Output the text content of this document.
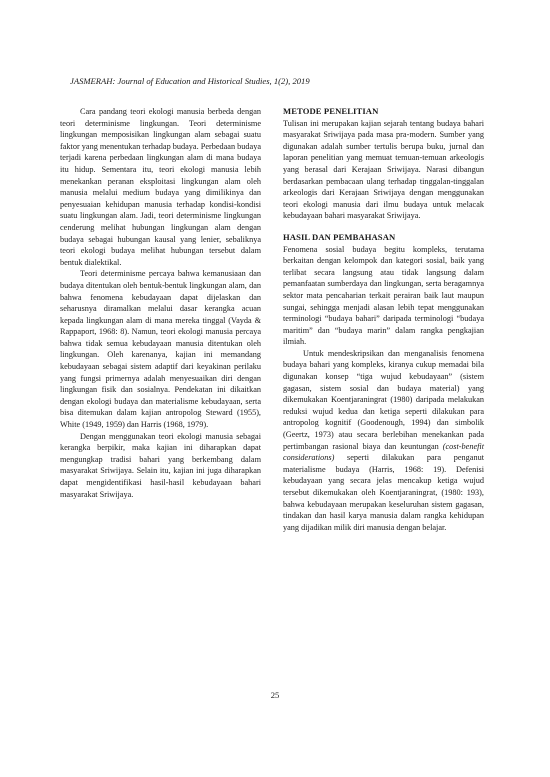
JASMERAH: Journal of Education and Historical Studies, 1(2), 2019

Cara pandang teori ekologi manusia berbeda dengan teori determinisme lingkungan. Teori determinisme lingkungan memposisikan lingkungan alam sebagai suatu faktor yang menentukan terhadap budaya. Perbedaan budaya terjadi karena perbedaan lingkungan alam di mana budaya itu hidup. Sementara itu, teori ekologi manusia lebih menekankan peranan eksploitasi lingkungan alam oleh manusia melalui medium budaya yang dimilikinya dan penyesuaian kehidupan manusia terhadap kondisi-kondisi suatu lingkungan alam. Jadi, teori determinisme lingkungan cenderung melihat hubungan lingkungan alam dengan budaya sebagai hubungan kausal yang lenier, sebaliknya teori ekologi budaya melihat hubungan tersebut dalam bentuk dialektikal.

Teori determinisme percaya bahwa kemanusiaan dan budaya ditentukan oleh bentuk-bentuk lingkungan alam, dan bahwa fenomena kebudayaan dapat dijelaskan dan seharusnya diramalkan melalui dasar kerangka acuan kepada lingkungan alam di mana mereka tinggal (Vayda & Rappaport, 1968: 8). Namun, teori ekologi manusia percaya bahwa tidak semua kebudayaan manusia ditentukan oleh lingkungan. Oleh karenanya, kajian ini memandang kebudayaan sebagai sistem adaptif dari keyakinan perilaku yang fungsi primernya adalah menyesuaikan diri dengan lingkungan fisik dan sosialnya. Pendekatan ini dikaitkan dengan ekologi budaya dan materialisme kebudayaan, serta bisa ditemukan dalam kajian antropolog Steward (1955), White (1949, 1959) dan Harris (1968, 1979).

Dengan menggunakan teori ekologi manusia sebagai kerangka berpikir, maka kajian ini diharapkan dapat mengungkap tradisi bahari yang berkembang dalam masyarakat Sriwijaya. Selain itu, kajian ini juga diharapkan dapat mengidentifikasi hasil-hasil kebudayaan bahari masyarakat Sriwijaya.

METODE PENELITIAN

Tulisan ini merupakan kajian sejarah tentang budaya bahari masyarakat Sriwijaya pada masa pra-modern. Sumber yang digunakan adalah sumber tertulis berupa buku, jurnal dan laporan penelitian yang memuat temuan-temuan arkeologis yang berasal dari Kerajaan Sriwijaya. Narasi dibangun berdasarkan pembacaan ulang terhadap tinggalan-tinggalan arkeologis dari Kerajaan Sriwijaya dengan menggunakan teori ekologi manusia dari ilmu budaya untuk melacak kebudayaan bahari masyarakat Sriwijaya.

HASIL DAN PEMBAHASAN

Fenomena sosial budaya begitu kompleks, terutama berkaitan dengan kelompok dan kategori sosial, baik yang terlibat secara langsung atau tidak langsung dalam pemanfaatan sumberdaya dan lingkungan, serta beragamnya sektor mata pencaharian terkait perairan baik laut maupun sungai, sehingga menjadi alasan lebih tepat menggunakan terminologi “budaya bahari” daripada terminologi “budaya maritim” dan “budaya marin” dalam rangka pengkajian ilmiah.

Untuk mendeskripsikan dan menganalisis fenomena budaya bahari yang kompleks, kiranya cukup memadai bila digunakan konsep “tiga wujud kebudayaan” (sistem gagasan, sistem sosial dan budaya material) yang dikemukakan Koentjaraningrat (1980) daripada melakukan reduksi wujud kedua dan ketiga seperti dilakukan para antropolog kognitif (Goodenough, 1994) dan simbolik (Geertz, 1973) atau secara berlebihan menekankan pada pertimbangan rasional biaya dan keuntungan (cost-benefit considerations) seperti dilakukan para penganut materialisme budaya (Harris, 1968: 19). Defenisi kebudayaan yang secara jelas mencakup ketiga wujud tersebut dikemukakan oleh Koentjaraningrat, (1980: 193), bahwa kebudayaan merupakan keseluruhan sistem gagasan, tindakan dan hasil karya manusia dalam rangka kehidupan yang dijadikan milik diri manusia dengan belajar.

25
